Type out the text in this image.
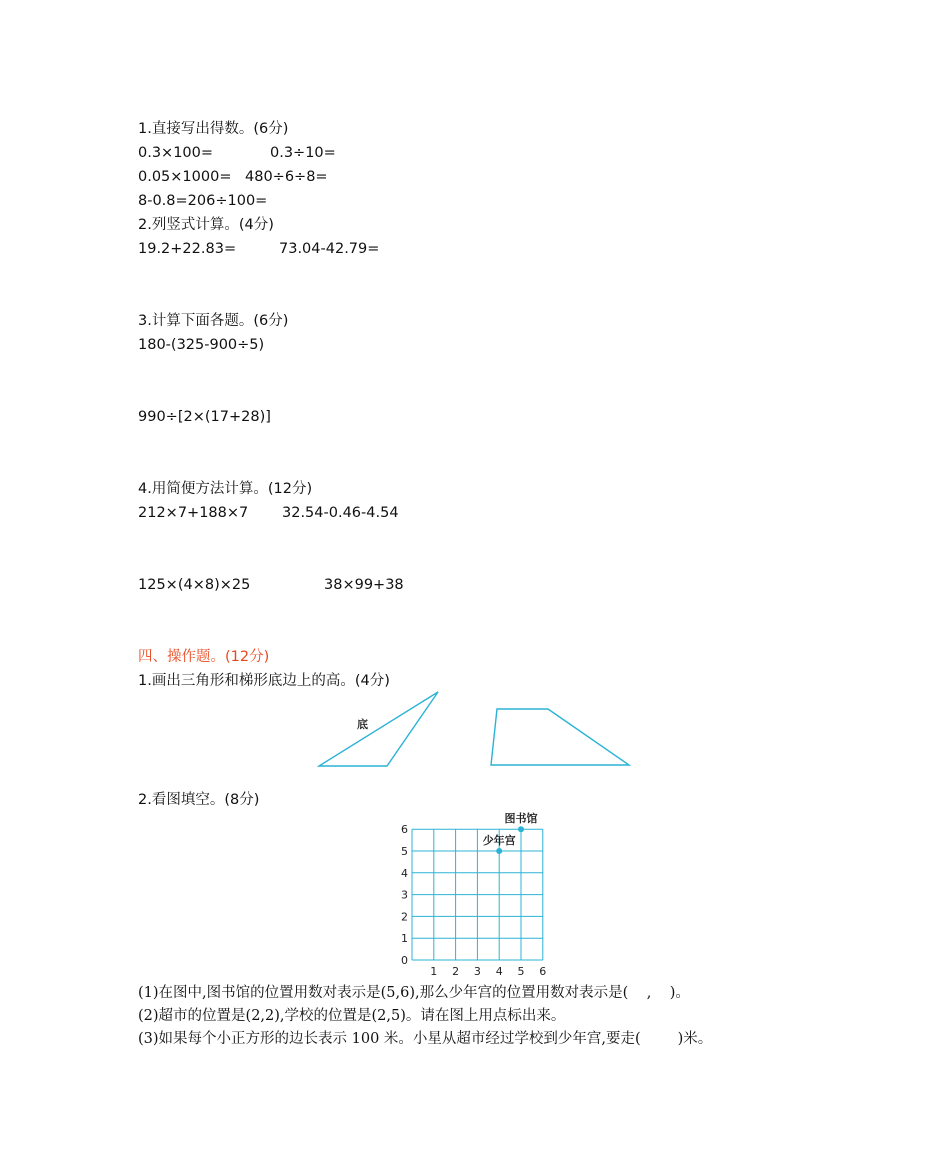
1.直接写出得数。(6分)
0.3×100=	0.3÷10=
0.05×1000= 480÷6÷8=
8-0.8=206÷100=
2.列竖式计算。(4分)
19.2+22.83=	73.04-42.79=
3.计算下面各题。(6分)
180-(325-900÷5)
990÷[2×(17+28)]
4.用简便方法计算。(12分)
212×7+188×7 32.54-0.46-4.54
125×(4×8)×25	38×99+38
四、操作题。(12分)
1.画出三角形和梯形底边上的高。(4分)
底
2.看图填空。(8分)
1 2 3 4 5 6
0
1
2
3
4
5
6
图书馆
少年宫
(1)在图中,图书馆的位置用数对表示是(5,6),那么少年宫的位置用数对表示是(    ,    )。
(2)超市的位置是(2,2),学校的位置是(2,5)。请在图上用点标出来。
(3)如果每个小正方形的边长表示 100 米。小星从超市经过学校到少年宫,要走(        )米。
